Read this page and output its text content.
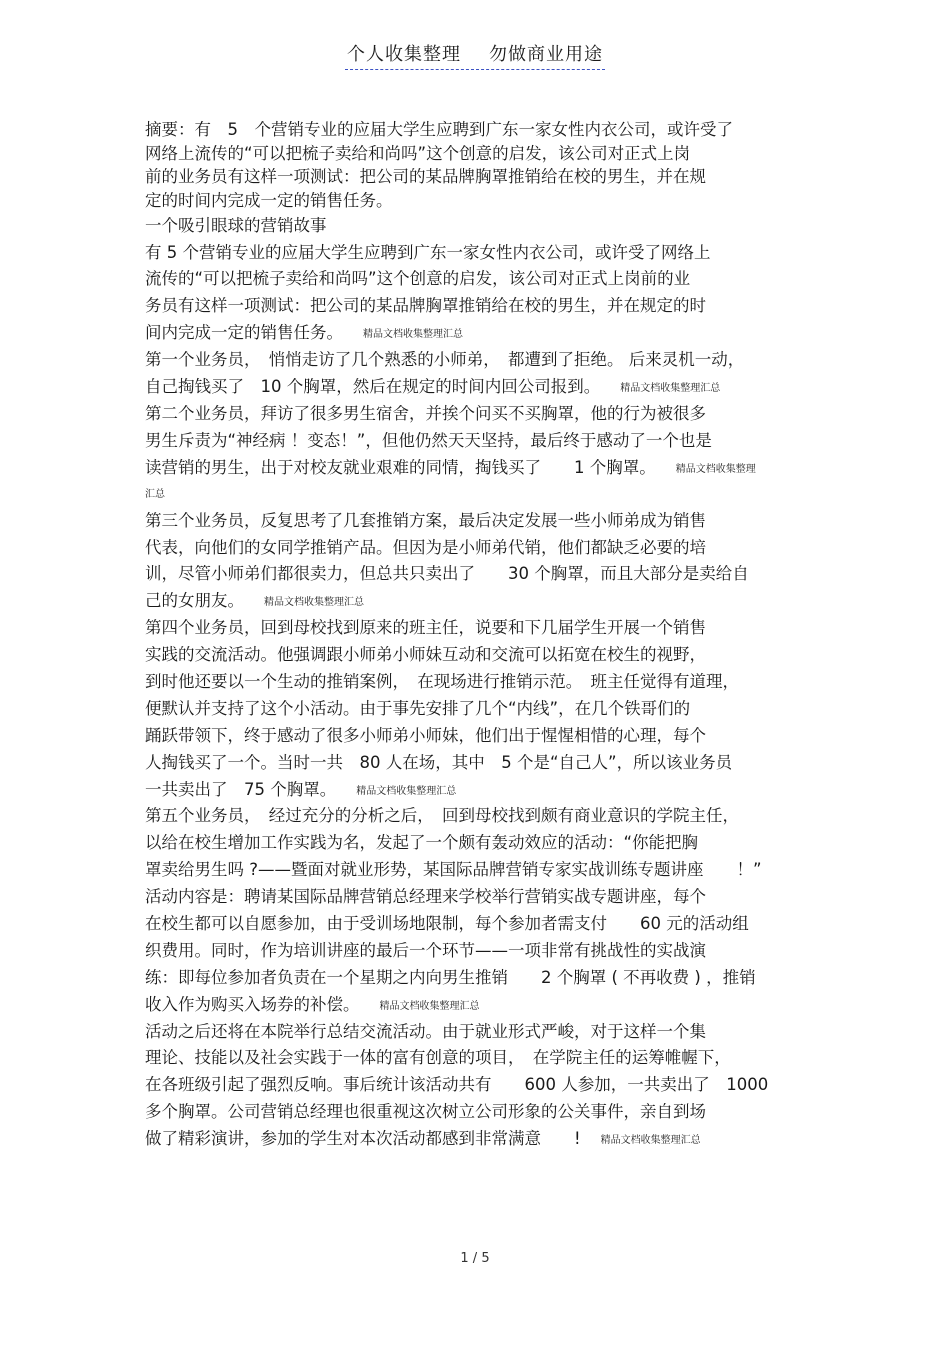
个人收集整理 勿做商业用途

摘要：有　5　个营销专业的应届大学生应聘到广东一家女性内衣公司，或许受了

网络上流传的“可以把梳子卖给和尚吗”这个创意的启发，该公司对正式上岗

前的业务员有这样一项测试：把公司的某品牌胸罩推销给在校的男生，并在规

定的时间内完成一定的销售任务。

一个吸引眼球的营销故事
有 5 个营销专业的应届大学生应聘到广东一家女性内衣公司，或许受了网络上
流传的“可以把梳子卖给和尚吗”这个创意的启发，该公司对正式上岗前的业
务员有这样一项测试：把公司的某品牌胸罩推销给在校的男生，并在规定的时
间内完成一定的销售任务。 精品文档收集整理汇总
第一个业务员，　悄悄走访了几个熟悉的小师弟，　都遭到了拒绝。 后来灵机一动，
自己掏钱买了　10 个胸罩，然后在规定的时间内回公司报到。 精品文档收集整理汇总
第二个业务员，拜访了很多男生宿舍，并挨个问买不买胸罩，他的行为被很多
男生斥责为“神经病 ！变态！”，但他仍然天天坚持，最后终于感动了一个也是
读营销的男生，出于对校友就业艰难的同情，掏钱买了　　1 个胸罩。 精品文档收集整理
汇总
第三个业务员，反复思考了几套推销方案，最后决定发展一些小师弟成为销售
代表，向他们的女同学推销产品。但因为是小师弟代销，他们都缺乏必要的培
训，尽管小师弟们都很卖力，但总共只卖出了　　30 个胸罩，而且大部分是卖给自
己的女朋友。 精品文档收集整理汇总
第四个业务员，回到母校找到原来的班主任，说要和下几届学生开展一个销售
实践的交流活动。他强调跟小师弟小师妹互动和交流可以拓宽在校生的视野，
到时他还要以一个生动的推销案例，　在现场进行推销示范。　班主任觉得有道理，
便默认并支持了这个小活动。由于事先安排了几个“内线”，在几个铁哥们的
踊跃带领下，终于感动了很多小师弟小师妹，他们出于惺惺相惜的心理，每个
人掏钱买了一个。当时一共　80 人在场，其中　5 个是“自己人”，所以该业务员
一共卖出了　75 个胸罩。 精品文档收集整理汇总
第五个业务员，　经过充分的分析之后，　回到母校找到颇有商业意识的学院主任，
以给在校生增加工作实践为名，发起了一个颇有轰动效应的活动：“你能把胸
罩卖给男生吗 ?——暨面对就业形势，某国际品牌营销专家实战训练专题讲座　　！”
活动内容是：聘请某国际品牌营销总经理来学校举行营销实战专题讲座，每个
在校生都可以自愿参加，由于受训场地限制，每个参加者需支付　　60 元的活动组
织费用。同时，作为培训讲座的最后一个环节——一项非常有挑战性的实战演
练：即每位参加者负责在一个星期之内向男生推销　　2 个胸罩 ( 不再收费 ) ，推销
收入作为购买入场券的补偿。 精品文档收集整理汇总
活动之后还将在本院举行总结交流活动。由于就业形式严峻，对于这样一个集
理论、技能以及社会实践于一体的富有创意的项目，　在学院主任的运筹帷幄下，
在各班级引起了强烈反响。事后统计该活动共有　　600 人参加，一共卖出了　1000
多个胸罩。公司营销总经理也很重视这次树立公司形象的公关事件，亲自到场
做了精彩演讲，参加的学生对本次活动都感到非常满意　　! 精品文档收集整理汇总
1 / 5
